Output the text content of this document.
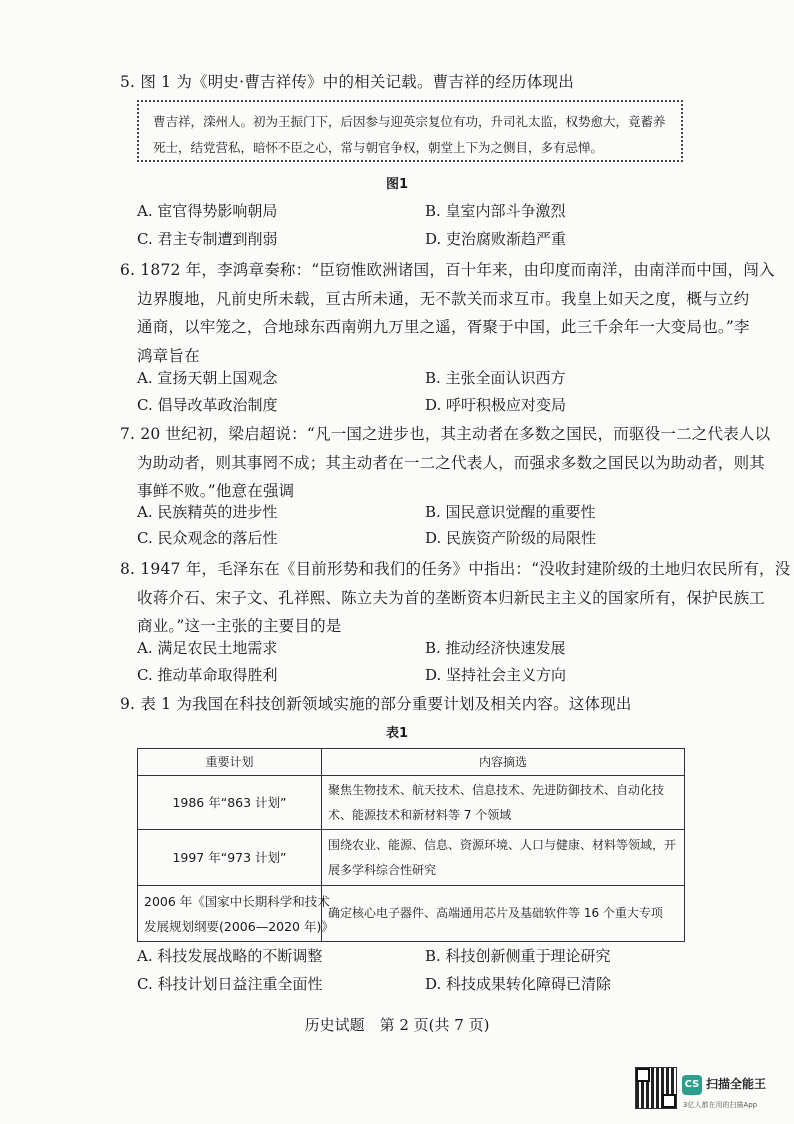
5. 图 1 为《明史·曹吉祥传》中的相关记载。曹吉祥的经历体现出
曹吉祥，滦州人。初为王振门下，后因参与迎英宗复位有功，升司礼太监，权势愈大，竟蓄养死士，结党营私，暗怀不臣之心，常与朝官争权，朝堂上下为之侧目，多有忌惮。
图1
A. 宦官得势影响朝局	B. 皇室内部斗争激烈
C. 君主专制遭到削弱	D. 吏治腐败渐趋严重
6. 1872 年，李鸿章奏称：“臣窃惟欧洲诸国，百十年来，由印度而南洋，由南洋而中国，闯入
边界腹地，凡前史所未载，亘古所未通，无不款关而求互市。我皇上如天之度，概与立约
通商，以牢笼之，合地球东西南朔九万里之遥，胥聚于中国，此三千余年一大变局也。”李
鸿章旨在
A. 宣扬天朝上国观念	B. 主张全面认识西方
C. 倡导改革政治制度	D. 呼吁积极应对变局
7. 20 世纪初，梁启超说：“凡一国之进步也，其主动者在多数之国民，而驱役一二之代表人以
为助动者，则其事罔不成；其主动者在一二之代表人，而强求多数之国民以为助动者，则其
事鲜不败。”他意在强调
A. 民族精英的进步性	B. 国民意识觉醒的重要性
C. 民众观念的落后性	D. 民族资产阶级的局限性
8. 1947 年，毛泽东在《目前形势和我们的任务》中指出：“没收封建阶级的土地归农民所有，没
收蒋介石、宋子文、孔祥熙、陈立夫为首的垄断资本归新民主主义的国家所有，保护民族工
商业。”这一主张的主要目的是
A. 满足农民土地需求	B. 推动经济快速发展
C. 推动革命取得胜利	D. 坚持社会主义方向
9. 表 1 为我国在科技创新领域实施的部分重要计划及相关内容。这体现出
表1
重要计划	内容摘选
1986 年“863 计划”	聚焦生物技术、航天技术、信息技术、先进防御技术、自动化技术、能源技术和新材料等 7 个领域
1997 年“973 计划”	围绕农业、能源、信息、资源环境、人口与健康、材料等领域，开展多学科综合性研究

2006 年《国家中长期科学和技术
发展规划纲要(2006—2020 年)》	确定核心电子器件、高端通用芯片及基础软件等 16 个重大专项
A. 科技发展战略的不断调整	B. 科技创新侧重于理论研究
C. 科技计划日益注重全面性	D. 科技成果转化障碍已清除
历史试题　第 2 页(共 7 页)
CS 扫描全能王
3亿人都在用的扫描App
